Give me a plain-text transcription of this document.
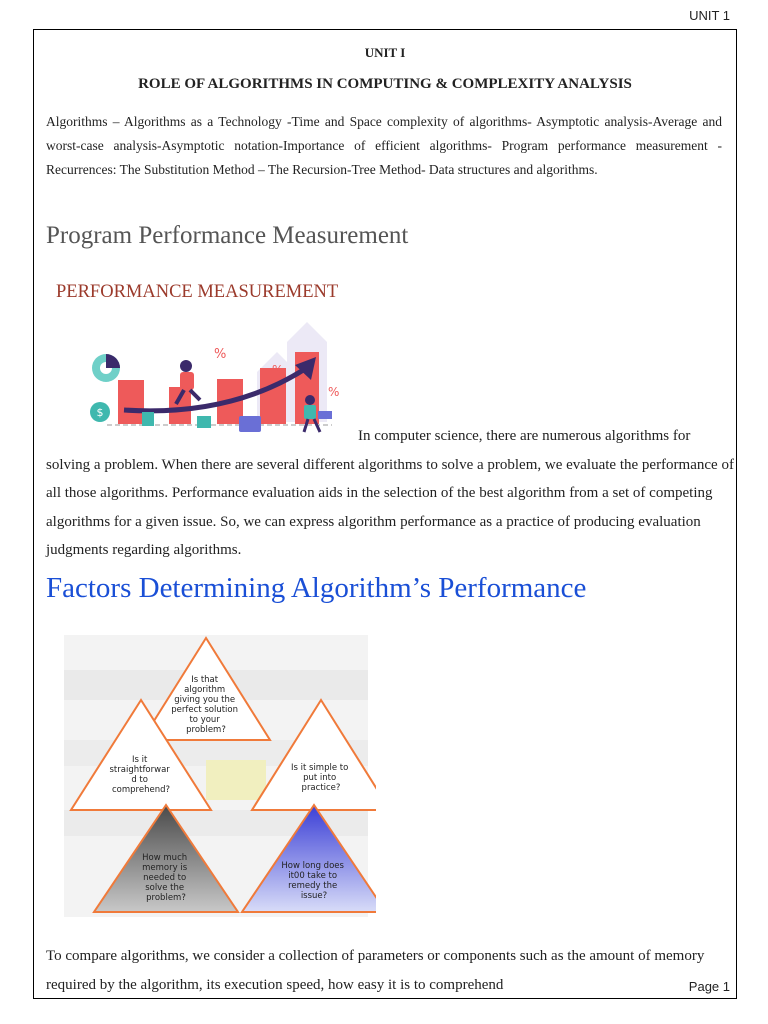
UNIT 1
UNIT I
ROLE OF ALGORITHMS IN COMPUTING & COMPLEXITY ANALYSIS
Algorithms – Algorithms as a Technology -Time and Space complexity of algorithms- Asymptotic analysis-Average and worst-case analysis-Asymptotic notation-Importance of efficient algorithms- Program performance measurement - Recurrences: The Substitution Method – The Recursion-Tree Method- Data structures and algorithms.
Program Performance Measurement
PERFORMANCE MEASUREMENT
$
%
%
%
In computer science, there are numerous algorithms for solving a problem. When there are several different algorithms to solve a problem, we evaluate the performance of all those algorithms. Performance evaluation aids in the selection of the best algorithm from a set of competing algorithms for a given issue. So, we can express algorithm performance as a practice of producing evaluation judgments regarding algorithms.
Factors Determining Algorithm’s Performance
Is that algorithm giving you the perfect solution to your problem?
Is it straightforwar d to comprehend?
Is it simple to put into practice?
How much memory is needed to solve the problem?
How long does it00 take to remedy the issue?
To compare algorithms, we consider a collection of parameters or components such as the amount of memory required by the algorithm, its execution speed, how easy it is to comprehend	Page 1
